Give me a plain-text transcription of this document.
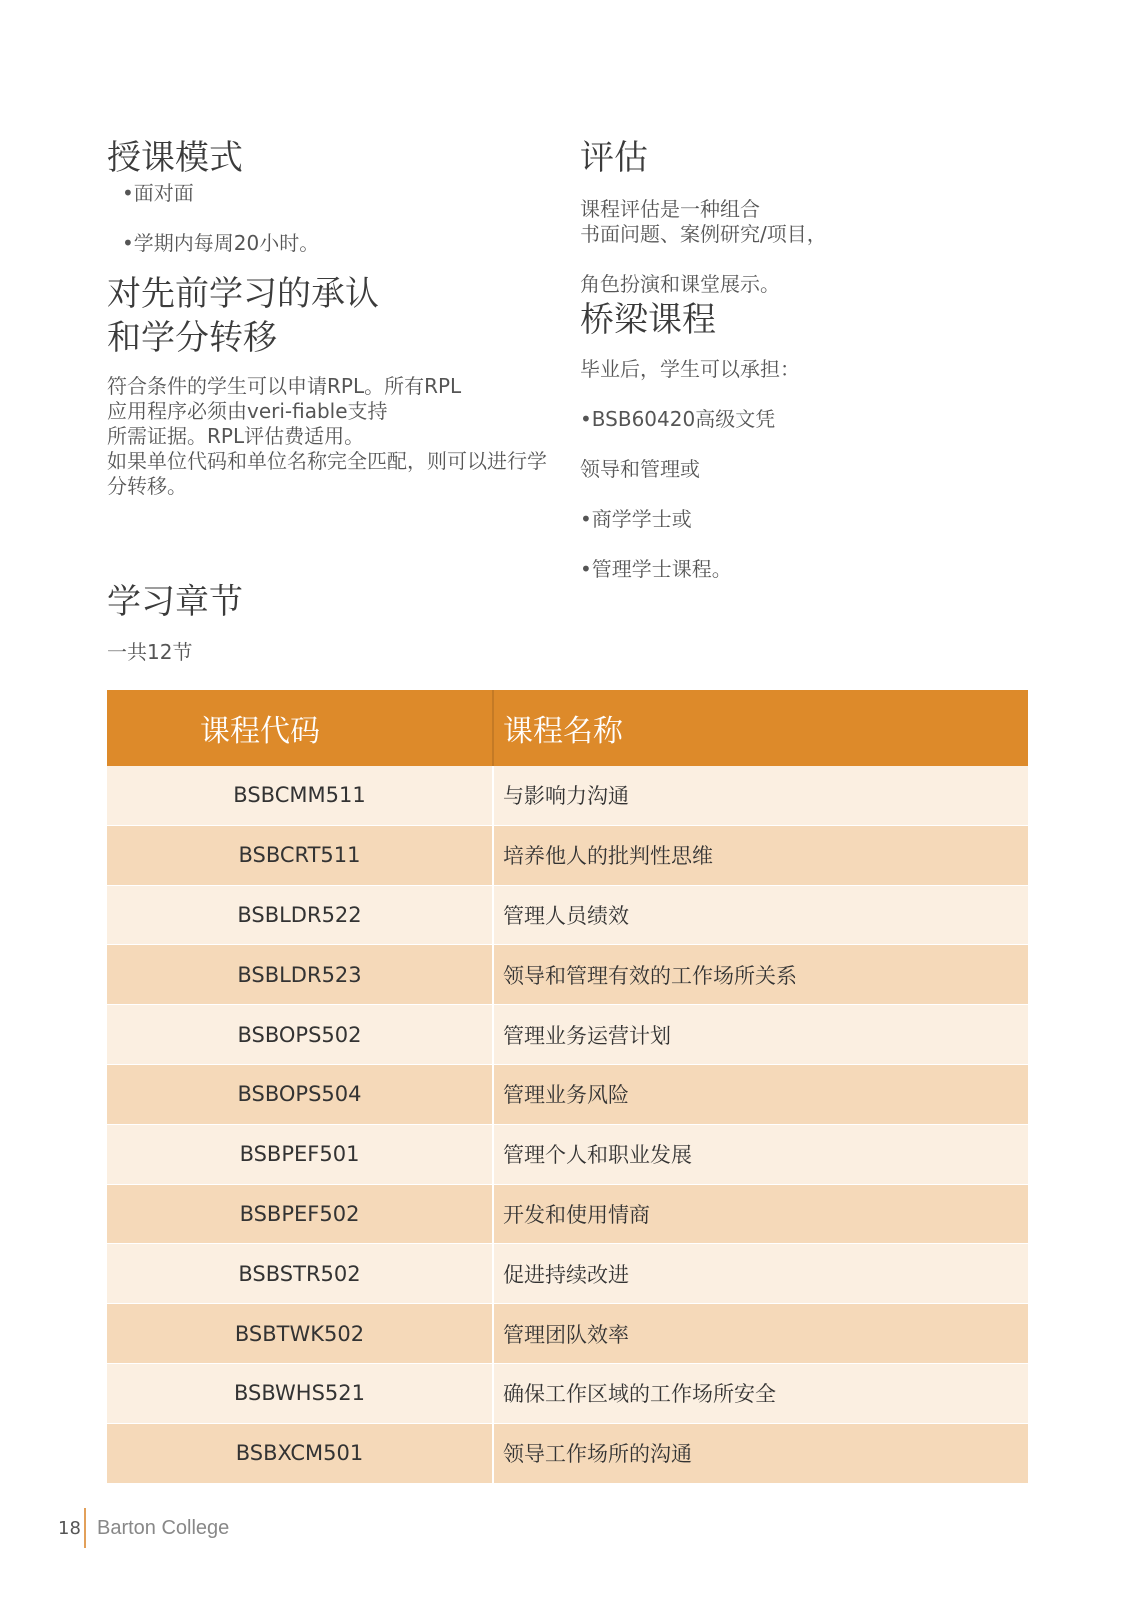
授课模式
•面对面
•学期内每周20小时。
对先前学习的承认
和学分转移
符合条件的学生可以申请RPL。所有RPL
应用程序必须由veri-fiable支持
所需证据。RPL评估费适用。
如果单位代码和单位名称完全匹配，则可以进行学
分转移。
评估
课程评估是一种组合
书面问题、案例研究/项目，
角色扮演和课堂展示。
桥梁课程
毕业后，学生可以承担：
•BSB60420高级文凭
领导和管理或
•商学学士或
•管理学士课程。
学习章节
一共12节
课程代码	课程名称
BSBCMM511	与影响力沟通
BSBCRT511	培养他人的批判性思维
BSBLDR522	管理人员绩效
BSBLDR523	领导和管理有效的工作场所关系
BSBOPS502	管理业务运营计划
BSBOPS504	管理业务风险
BSBPEF501	管理个人和职业发展
BSBPEF502	开发和使用情商
BSBSTR502	促进持续改进
BSBTWK502	管理团队效率
BSBWHS521	确保工作区域的工作场所安全
BSBXCM501	领导工作场所的沟通
18 Barton College
